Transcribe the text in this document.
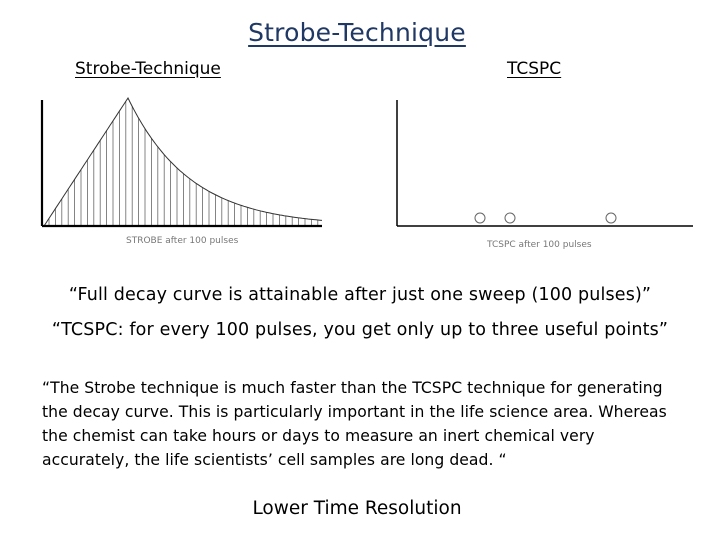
Strobe-Technique
Strobe-Technique	TCSPC
STROBE after 100 pulses	TCSPC after 100 pulses
“Full decay curve is attainable after just one sweep (100 pulses)”
“TCSPC: for every 100 pulses, you get only up to three useful points”
“The Strobe technique is much faster than the TCSPC technique for generating the decay curve. This is particularly important in the life science area. Whereas the chemist can take hours or days to measure an inert chemical very accurately, the life scientists’ cell samples are long dead. “
Lower Time Resolution
